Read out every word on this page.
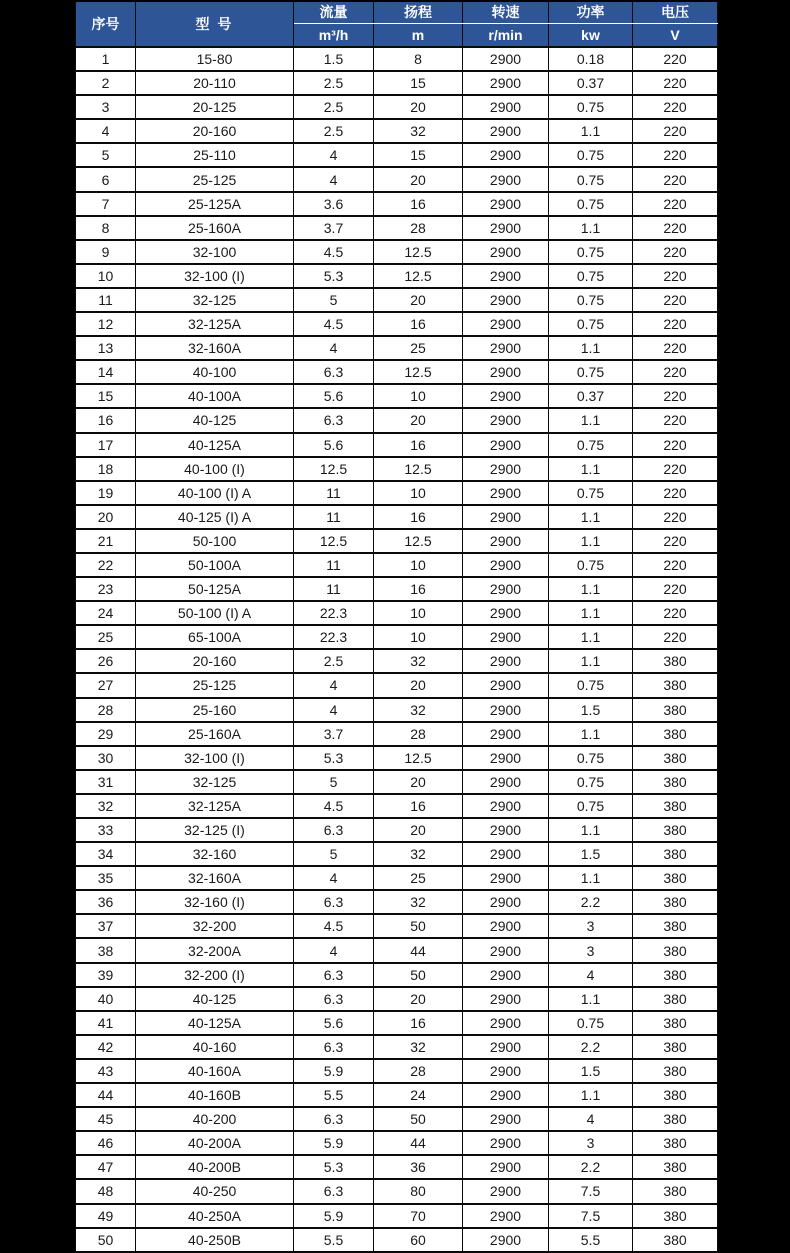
序号	型 号	流量	扬程	转速	功率	电压
		m³/h	m	r/min	kw	V
1	15-80	1.5	8	2900	0.18	220
2	20-110	2.5	15	2900	0.37	220
3	20-125	2.5	20	2900	0.75	220
4	20-160	2.5	32	2900	1.1	220
5	25-110	4	15	2900	0.75	220
6	25-125	4	20	2900	0.75	220
7	25-125A	3.6	16	2900	0.75	220
8	25-160A	3.7	28	2900	1.1	220
9	32-100	4.5	12.5	2900	0.75	220
10	32-100 (I)	5.3	12.5	2900	0.75	220
11	32-125	5	20	2900	0.75	220
12	32-125A	4.5	16	2900	0.75	220
13	32-160A	4	25	2900	1.1	220
14	40-100	6.3	12.5	2900	0.75	220
15	40-100A	5.6	10	2900	0.37	220
16	40-125	6.3	20	2900	1.1	220
17	40-125A	5.6	16	2900	0.75	220
18	40-100 (I)	12.5	12.5	2900	1.1	220
19	40-100 (I) A	11	10	2900	0.75	220
20	40-125 (I) A	11	16	2900	1.1	220
21	50-100	12.5	12.5	2900	1.1	220
22	50-100A	11	10	2900	0.75	220
23	50-125A	11	16	2900	1.1	220
24	50-100 (I) A	22.3	10	2900	1.1	220
25	65-100A	22.3	10	2900	1.1	220
26	20-160	2.5	32	2900	1.1	380
27	25-125	4	20	2900	0.75	380
28	25-160	4	32	2900	1.5	380
29	25-160A	3.7	28	2900	1.1	380
30	32-100 (I)	5.3	12.5	2900	0.75	380
31	32-125	5	20	2900	0.75	380
32	32-125A	4.5	16	2900	0.75	380
33	32-125 (I)	6.3	20	2900	1.1	380
34	32-160	5	32	2900	1.5	380
35	32-160A	4	25	2900	1.1	380
36	32-160 (I)	6.3	32	2900	2.2	380
37	32-200	4.5	50	2900	3	380
38	32-200A	4	44	2900	3	380
39	32-200 (I)	6.3	50	2900	4	380
40	40-125	6.3	20	2900	1.1	380
41	40-125A	5.6	16	2900	0.75	380
42	40-160	6.3	32	2900	2.2	380
43	40-160A	5.9	28	2900	1.5	380
44	40-160B	5.5	24	2900	1.1	380
45	40-200	6.3	50	2900	4	380
46	40-200A	5.9	44	2900	3	380
47	40-200B	5.3	36	2900	2.2	380
48	40-250	6.3	80	2900	7.5	380
49	40-250A	5.9	70	2900	7.5	380
50	40-250B	5.5	60	2900	5.5	380
